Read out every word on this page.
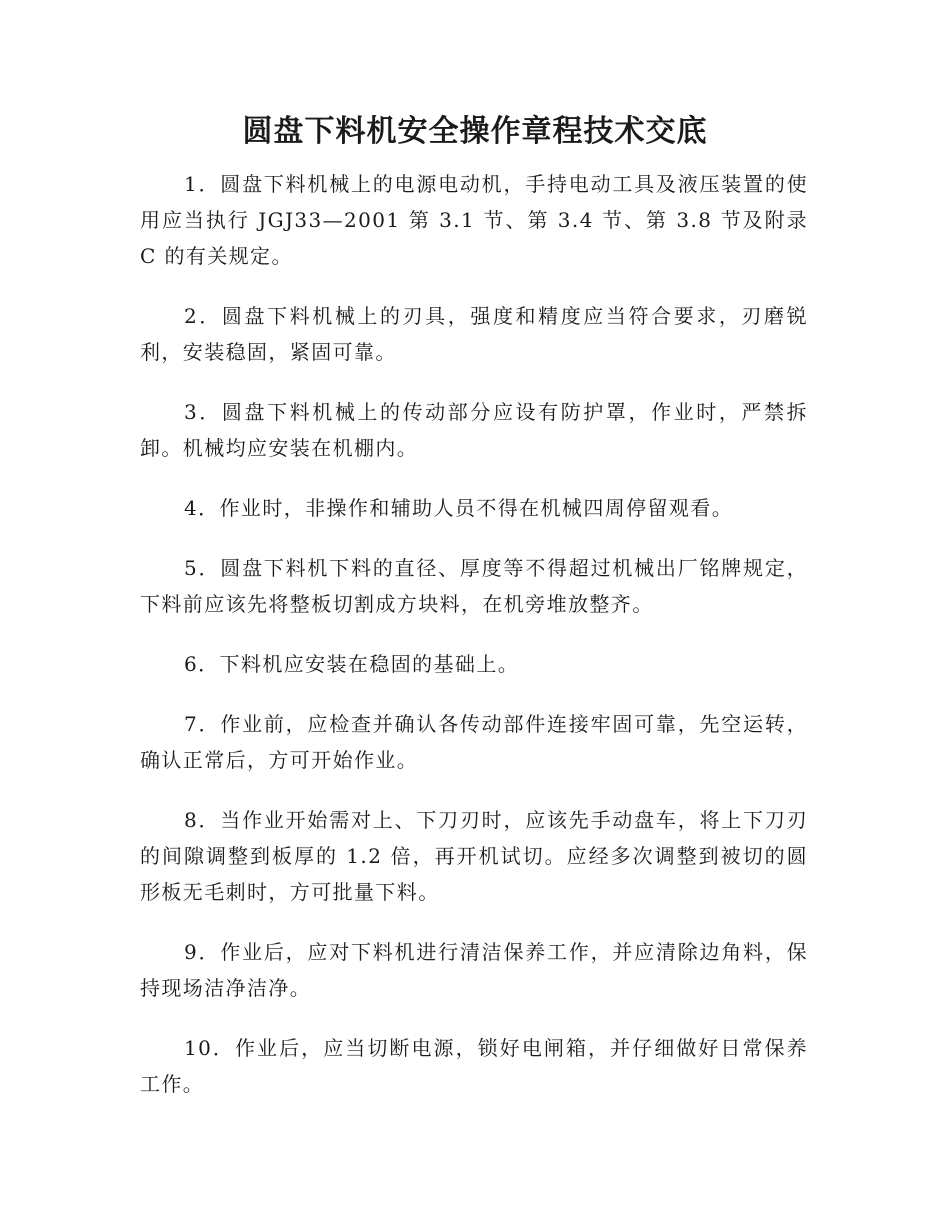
圆盘下料机安全操作章程技术交底

1．圆盘下料机械上的电源电动机，手持电动工具及液压装置的使用应当执行 JGJ33—2001 第 3.1 节、第 3.4 节、第 3.8 节及附录 C 的有关规定。

2．圆盘下料机械上的刃具，强度和精度应当符合要求，刃磨锐利，安装稳固，紧固可靠。

3．圆盘下料机械上的传动部分应设有防护罩，作业时，严禁拆卸。机械均应安装在机棚内。

4．作业时，非操作和辅助人员不得在机械四周停留观看。

5．圆盘下料机下料的直径、厚度等不得超过机械出厂铭牌规定，下料前应该先将整板切割成方块料，在机旁堆放整齐。

6．下料机应安装在稳固的基础上。

7．作业前，应检查并确认各传动部件连接牢固可靠，先空运转，确认正常后，方可开始作业。

8．当作业开始需对上、下刀刃时，应该先手动盘车，将上下刀刃的间隙调整到板厚的 1.2 倍，再开机试切。应经多次调整到被切的圆形板无毛刺时，方可批量下料。

9．作业后，应对下料机进行清洁保养工作，并应清除边角料，保持现场洁净洁净。

10．作业后，应当切断电源，锁好电闸箱，并仔细做好日常保养工作。
